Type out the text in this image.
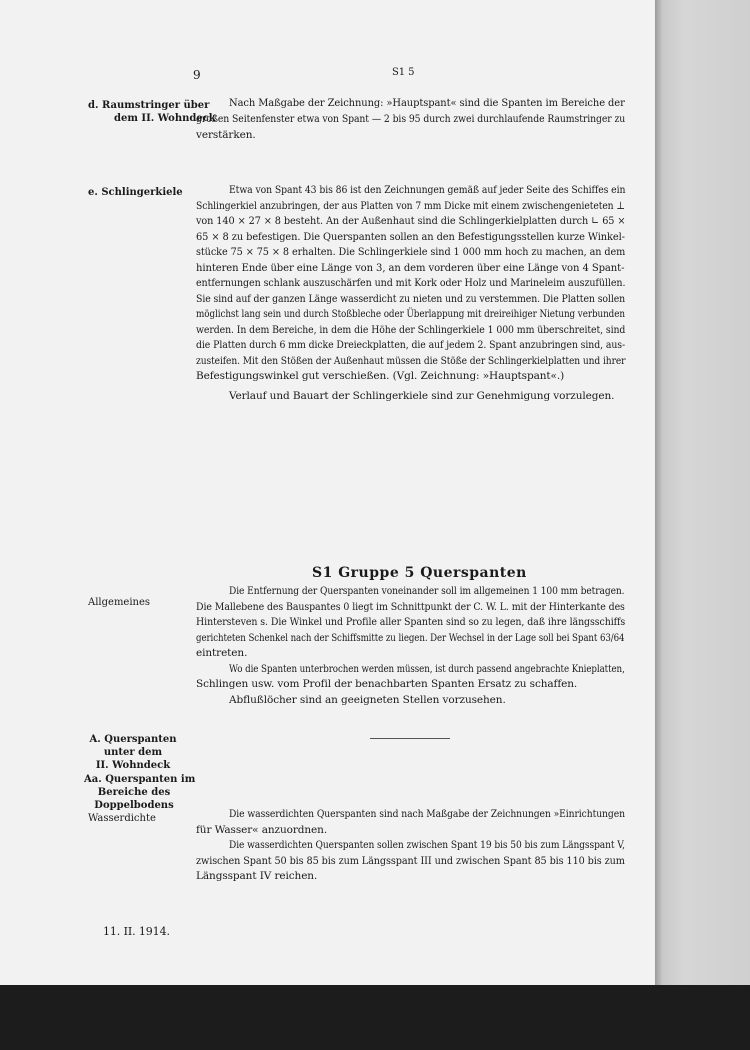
9	S1 5
d. Raumstringer über
dem II. Wohndeck
Nach Maßgabe der Zeichnung: »Hauptspant« sind die Spanten im Bereiche der
großen Seitenfenster etwa von Spant — 2 bis 95 durch zwei durchlaufende Raumstringer zu
verstärken.
e. Schlingerkiele	Etwa von Spant 43 bis 86 ist den Zeichnungen gemäß auf jeder Seite des Schiffes ein
Schlingerkiel anzubringen, der aus Platten von 7 mm Dicke mit einem zwischengenieteten ⊥
von 140 × 27 × 8 besteht. An der Außenhaut sind die Schlingerkielplatten durch ∟ 65 ×
65 × 8 zu befestigen. Die Querspanten sollen an den Befestigungsstellen kurze Winkel-
stücke 75 × 75 × 8 erhalten. Die Schlingerkiele sind 1 000 mm hoch zu machen, an dem
hinteren Ende über eine Länge von 3, an dem vorderen über eine Länge von 4 Spant-
entfernungen schlank auszuschärfen und mit Kork oder Holz und Marineleim auszufüllen.
Sie sind auf der ganzen Länge wasserdicht zu nieten und zu verstemmen. Die Platten sollen
möglichst lang sein und durch Stoßbleche oder Überlappung mit dreireihiger Nietung verbunden
werden. In dem Bereiche, in dem die Höhe der Schlingerkiele 1 000 mm überschreitet, sind
die Platten durch 6 mm dicke Dreieckplatten, die auf jedem 2. Spant anzubringen sind, aus-
zusteifen. Mit den Stößen der Außenhaut müssen die Stöße der Schlingerkielplatten und ihrer
Befestigungswinkel gut verschießen. (Vgl. Zeichnung: »Hauptspant«.)
Verlauf und Bauart der Schlingerkiele sind zur Genehmigung vorzulegen.
S1 Gruppe 5 Querspanten
Allgemeines
Die Entfernung der Querspanten voneinander soll im allgemeinen 1 100 mm betragen.
Die Mallebene des Bauspantes 0 liegt im Schnittpunkt der C. W. L. mit der Hinterkante des
Hintersteven s. Die Winkel und Profile aller Spanten sind so zu legen, daß ihre längsschiffs
gerichteten Schenkel nach der Schiffsmitte zu liegen. Der Wechsel in der Lage soll bei Spant 63/64
eintreten.
Wo die Spanten unterbrochen werden müssen, ist durch passend angebrachte Knieplatten,
Schlingen usw. vom Profil der benachbarten Spanten Ersatz zu schaffen.
Abflußlöcher sind an geeigneten Stellen vorzusehen.
A. Querspanten
unter dem
II. Wohndeck
Aa. Querspanten im
Bereiche des
Doppelbodens
Wasserdichte	Die wasserdichten Querspanten sind nach Maßgabe der Zeichnungen »Einrichtungen
für Wasser« anzuordnen.
Die wasserdichten Querspanten sollen zwischen Spant 19 bis 50 bis zum Längsspant V,
zwischen Spant 50 bis 85 bis zum Längsspant III und zwischen Spant 85 bis 110 bis zum
Längsspant IV reichen.
11. II. 1914.
